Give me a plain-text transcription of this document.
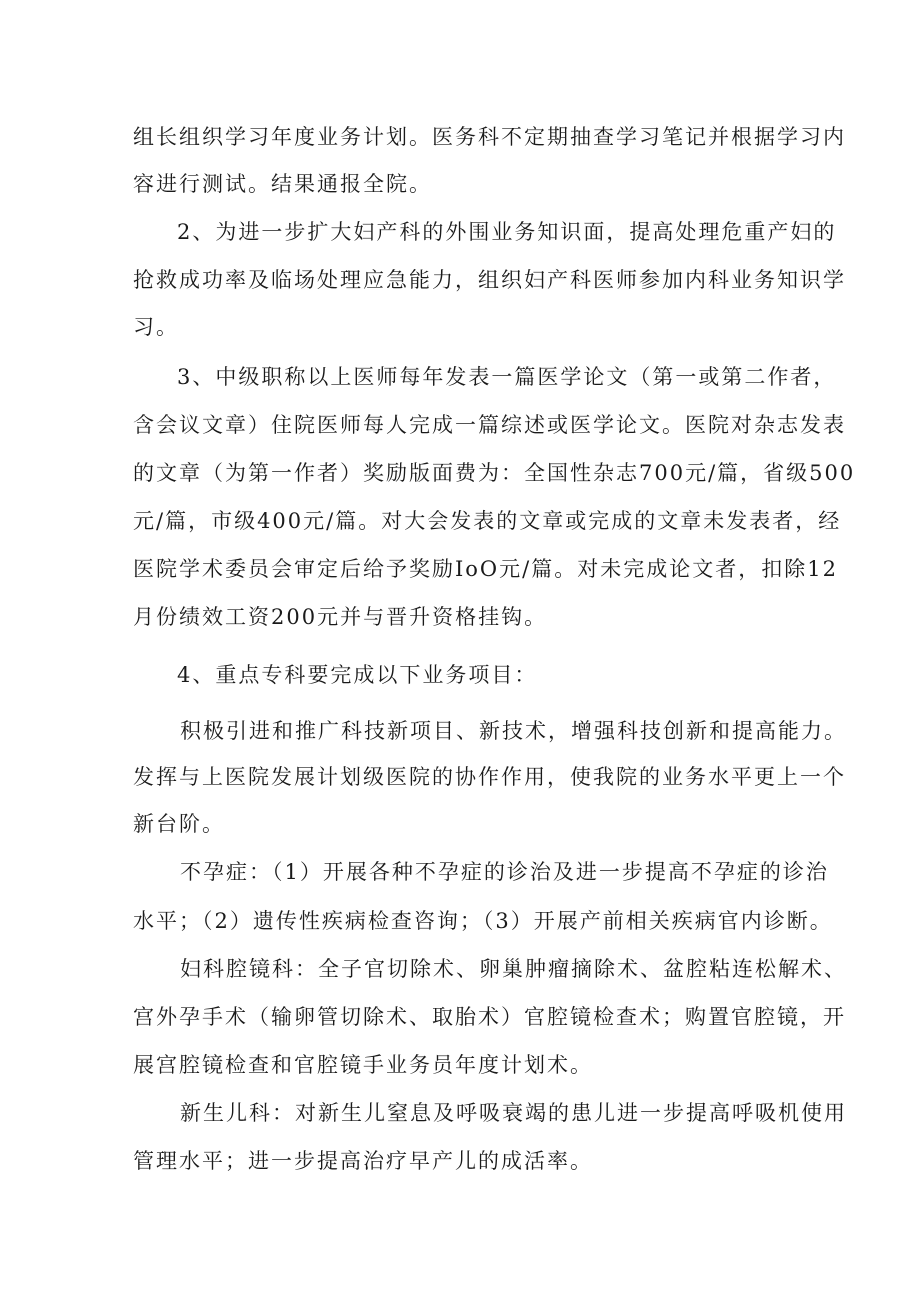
组长组织学习年度业务计划。医务科不定期抽查学习笔记并根据学习内
容进行测试。结果通报全院。
2、为进一步扩大妇产科的外围业务知识面，提高处理危重产妇的
抢救成功率及临场处理应急能力，组织妇产科医师参加内科业务知识学
习。
3、中级职称以上医师每年发表一篇医学论文（第一或第二作者，
含会议文章）住院医师每人完成一篇综述或医学论文。医院对杂志发表
的文章（为第一作者）奖励版面费为：全国性杂志700元/篇，省级500
元/篇，市级400元/篇。对大会发表的文章或完成的文章未发表者，经
医院学术委员会审定后给予奖励IoO元/篇。对未完成论文者，扣除12
月份绩效工资200元并与晋升资格挂钩。
4、重点专科要完成以下业务项目：
积极引进和推广科技新项目、新技术，增强科技创新和提高能力。
发挥与上医院发展计划级医院的协作作用，使我院的业务水平更上一个
新台阶。
不孕症：（1）开展各种不孕症的诊治及进一步提高不孕症的诊治
水平；（2）遗传性疾病检查咨询；（3）开展产前相关疾病官内诊断。
妇科腔镜科：全子官切除术、卵巢肿瘤摘除术、盆腔粘连松解术、
宫外孕手术（输卵管切除术、取胎术）官腔镜检查术；购置官腔镜，开
展宫腔镜检查和官腔镜手业务员年度计划术。
新生儿科：对新生儿窒息及呼吸衰竭的患儿进一步提高呼吸机使用
管理水平；进一步提高治疗早产儿的成活率。
